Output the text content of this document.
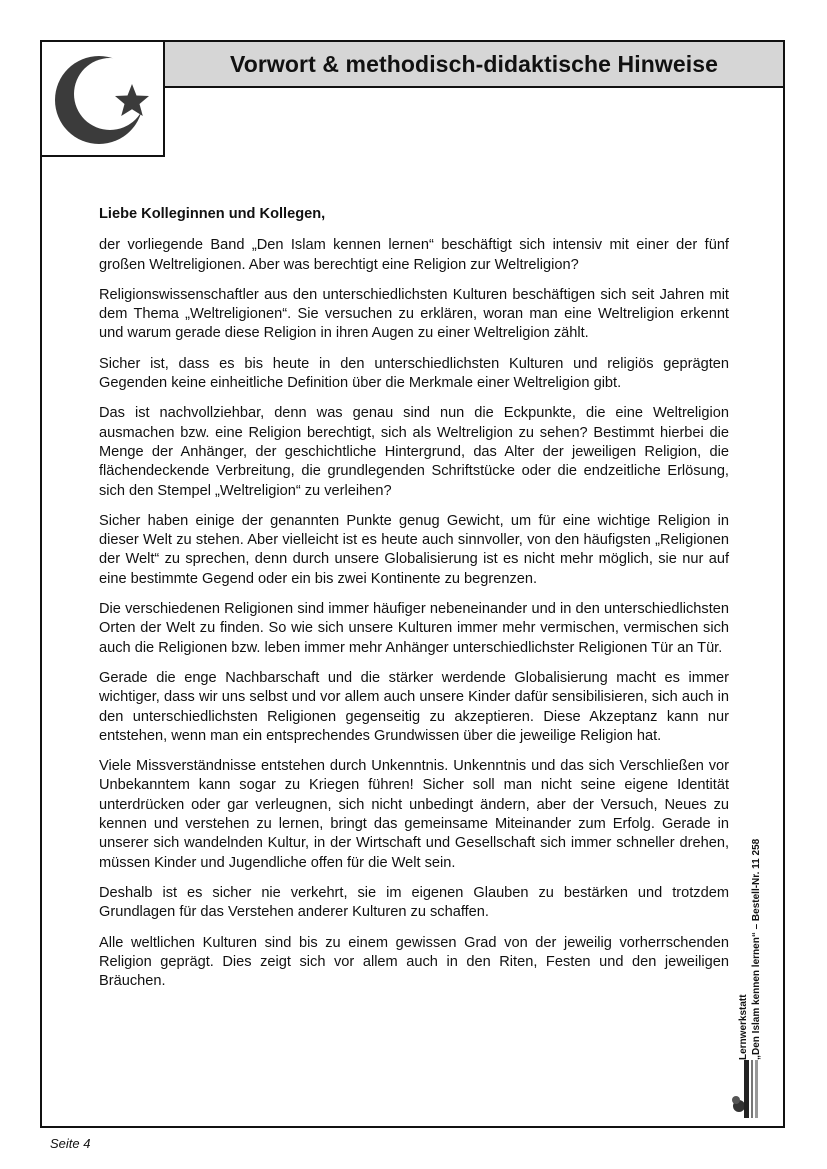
Vorwort & methodisch-didaktische Hinweise

Liebe Kolleginnen und Kollegen,

der vorliegende Band „Den Islam kennen lernen“ beschäftigt sich intensiv mit einer der fünf großen Weltreligionen. Aber was berechtigt eine Religion zur Weltreligion?

Religionswissenschaftler aus den unterschiedlichsten Kulturen beschäftigen sich seit Jahren mit dem Thema „Weltreligionen“. Sie versuchen zu erklären, woran man eine Weltreligion erkennt und warum gerade diese Religion in ihren Augen zu einer Weltreligion zählt.

Sicher ist, dass es bis heute in den unterschiedlichsten Kulturen und religiös geprägten Gegenden keine einheitliche Definition über die Merkmale einer Weltreligion gibt.

Das ist nachvollziehbar, denn was genau sind nun die Eckpunkte, die eine Weltreligion ausmachen bzw. eine Religion berechtigt, sich als Weltreligion zu sehen? Bestimmt hierbei die Menge der Anhänger, der geschichtliche Hintergrund, das Alter der jeweiligen Religion, die flächendeckende Verbreitung, die grundlegenden Schriftstücke oder die endzeitliche Erlösung, sich den Stempel „Weltreligion“ zu verleihen?

Sicher haben einige der genannten Punkte genug Gewicht, um für eine wichtige Religion in dieser Welt zu stehen. Aber vielleicht ist es heute auch sinnvoller, von den häufigsten „Religionen der Welt“ zu sprechen, denn durch unsere Globalisierung ist es nicht mehr möglich, sie nur auf eine bestimmte Gegend oder ein bis zwei Kontinente zu begrenzen.

Die verschiedenen Religionen sind immer häufiger nebeneinander und in den unterschiedlichsten Orten der Welt zu finden. So wie sich unsere Kulturen immer mehr vermischen, vermischen sich auch die Religionen bzw. leben immer mehr Anhänger unterschiedlichster Religionen Tür an Tür.

Gerade die enge Nachbarschaft und die stärker werdende Globalisierung macht es immer wichtiger, dass wir uns selbst und vor allem auch unsere Kinder dafür sensibilisieren, sich auch in den unterschiedlichsten Religionen gegenseitig zu akzeptieren. Diese Akzeptanz kann nur entstehen, wenn man ein entsprechendes Grundwissen über die jeweilige Religion hat.

Viele Missverständnisse entstehen durch Unkenntnis. Unkenntnis und das sich Verschließen vor Unbekanntem kann sogar zu Kriegen führen! Sicher soll man nicht seine eigene Identität unterdrücken oder gar verleugnen, sich nicht unbedingt ändern, aber der Versuch, Neues zu kennen und verstehen zu lernen, bringt das gemeinsame Miteinander zum Erfolg. Gerade in unserer sich wandelnden Kultur, in der Wirtschaft und Gesellschaft sich immer schneller drehen, müssen Kinder und Jugendliche offen für die Welt sein.

Deshalb ist es sicher nie verkehrt, sie im eigenen Glauben zu bestärken und trotzdem Grundlagen für das Verstehen anderer Kulturen zu schaffen.

Alle weltlichen Kulturen sind bis zu einem gewissen Grad von der jeweilig vorherrschenden Religion geprägt. Dies zeigt sich vor allem auch in den Riten, Festen und den jeweiligen Bräuchen.

Lernwerkstatt „Den Islam kennen lernen“ – Bestell-Nr. 11 258
Seite 4
